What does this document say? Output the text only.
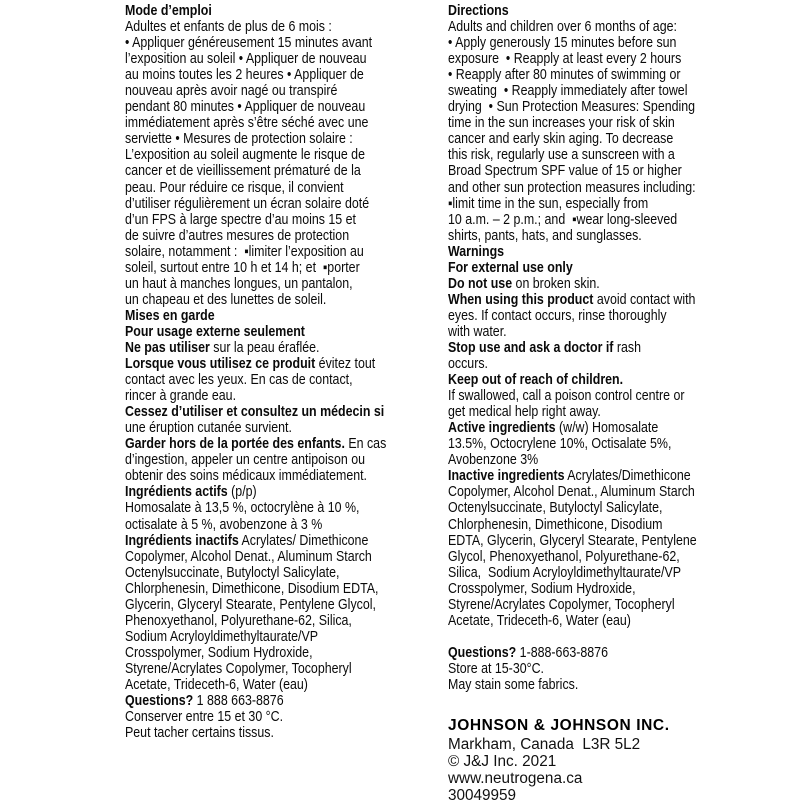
Mode d’emploi
Adultes et enfants de plus de 6 mois :
• Appliquer généreusement 15 minutes avant
l’exposition au soleil • Appliquer de nouveau
au moins toutes les 2 heures • Appliquer de
nouveau après avoir nagé ou transpiré
pendant 80 minutes • Appliquer de nouveau
immédiatement après s’être séché avec une
serviette • Mesures de protection solaire :
L’exposition au soleil augmente le risque de
cancer et de vieillissement prématuré de la
peau. Pour réduire ce risque, il convient
d’utiliser régulièrement un écran solaire doté
d’un FPS à large spectre d’au moins 15 et
de suivre d’autres mesures de protection
solaire, notamment :  ▪limiter l’exposition au
soleil, surtout entre 10 h et 14 h; et  ▪porter
un haut à manches longues, un pantalon,
un chapeau et des lunettes de soleil.
Mises en garde
Pour usage externe seulement
Ne pas utiliser sur la peau éraflée.
Lorsque vous utilisez ce produit évitez tout
contact avec les yeux. En cas de contact,
rincer à grande eau.
Cessez d’utiliser et consultez un médecin si
une éruption cutanée survient.
Garder hors de la portée des enfants. En cas
d’ingestion, appeler un centre antipoison ou
obtenir des soins médicaux immédiatement.
Ingrédients actifs (p/p)
Homosalate à 13,5 %, octocrylène à 10 %,
octisalate à 5 %, avobenzone à 3 %
Ingrédients inactifs Acrylates/ Dimethicone
Copolymer, Alcohol Denat., Aluminum Starch
Octenylsuccinate, Butyloctyl Salicylate,
Chlorphenesin, Dimethicone, Disodium EDTA,
Glycerin, Glyceryl Stearate, Pentylene Glycol,
Phenoxyethanol, Polyurethane-62, Silica,
Sodium Acryloyldimethyltaurate/VP
Crosspolymer, Sodium Hydroxide,
Styrene/Acrylates Copolymer, Tocopheryl
Acetate, Trideceth-6, Water (eau)
Questions? 1 888 663-8876
Conserver entre 15 et 30 °C.
Peut tacher certains tissus.
Directions
Adults and children over 6 months of age:
• Apply generously 15 minutes before sun
exposure  • Reapply at least every 2 hours
• Reapply after 80 minutes of swimming or
sweating  • Reapply immediately after towel
drying  • Sun Protection Measures: Spending
time in the sun increases your risk of skin
cancer and early skin aging. To decrease
this risk, regularly use a sunscreen with a
Broad Spectrum SPF value of 15 or higher
and other sun protection measures including:
▪limit time in the sun, especially from
10 a.m. – 2 p.m.; and  ▪wear long-sleeved
shirts, pants, hats, and sunglasses.
Warnings
For external use only
Do not use on broken skin.
When using this product avoid contact with
eyes. If contact occurs, rinse thoroughly
with water.
Stop use and ask a doctor if rash
occurs.
Keep out of reach of children.
If swallowed, call a poison control centre or
get medical help right away.
Active ingredients (w/w) Homosalate
13.5%, Octocrylene 10%, Octisalate 5%,
Avobenzone 3%
Inactive ingredients Acrylates/Dimethicone
Copolymer, Alcohol Denat., Aluminum Starch
Octenylsuccinate, Butyloctyl Salicylate,
Chlorphenesin, Dimethicone, Disodium
EDTA, Glycerin, Glyceryl Stearate, Pentylene
Glycol, Phenoxyethanol, Polyurethane-62,
Silica,  Sodium Acryloyldimethyltaurate/VP
Crosspolymer, Sodium Hydroxide,
Styrene/Acrylates Copolymer, Tocopheryl
Acetate, Trideceth-6, Water (eau)

Questions? 1-888-663-8876
Store at 15-30°C.
May stain some fabrics.
JOHNSON & JOHNSON INC.
Markham, Canada  L3R 5L2
© J&J Inc. 2021
www.neutrogena.ca
30049959
